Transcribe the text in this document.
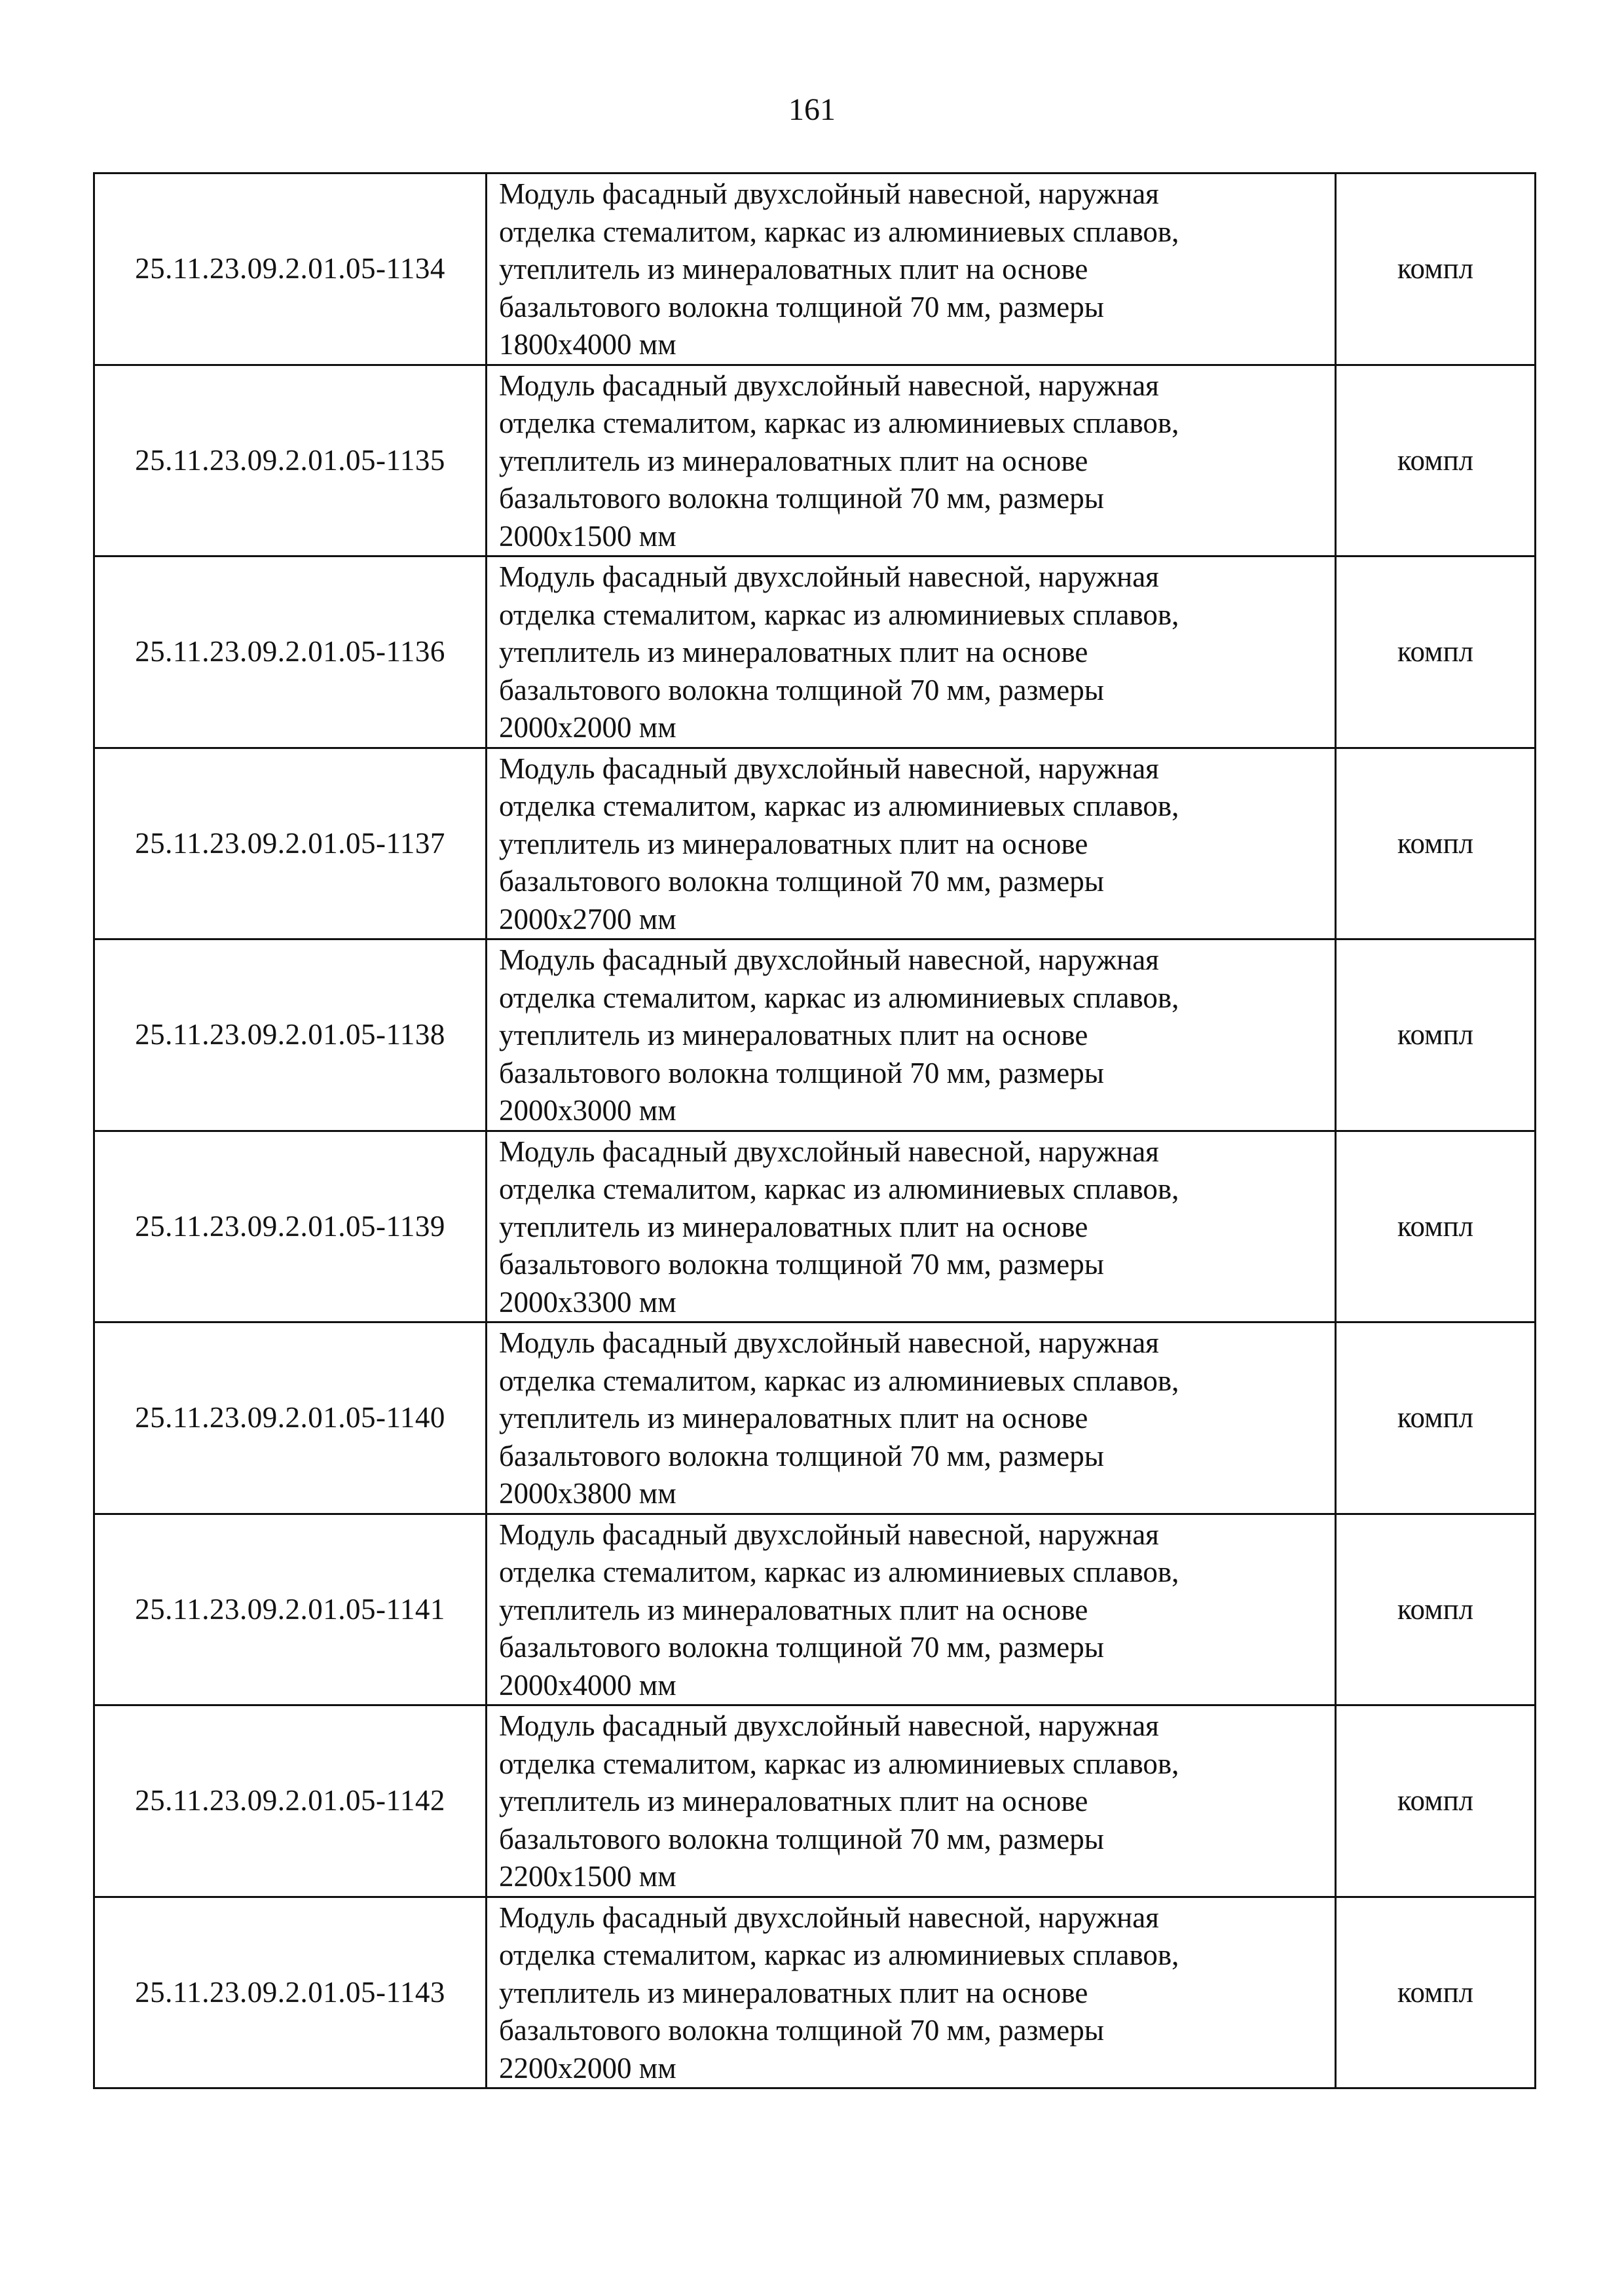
161
25.11.23.09.2.01.05-1134	Модуль фасадный двухслойный навесной, наружная
отделка стемалитом, каркас из алюминиевых сплавов,
утеплитель из минераловатных плит на основе
базальтового волокна толщиной 70 мм, размеры
1800х4000 мм	компл
25.11.23.09.2.01.05-1135	Модуль фасадный двухслойный навесной, наружная
отделка стемалитом, каркас из алюминиевых сплавов,
утеплитель из минераловатных плит на основе
базальтового волокна толщиной 70 мм, размеры
2000х1500 мм	компл
25.11.23.09.2.01.05-1136	Модуль фасадный двухслойный навесной, наружная
отделка стемалитом, каркас из алюминиевых сплавов,
утеплитель из минераловатных плит на основе
базальтового волокна толщиной 70 мм, размеры
2000х2000 мм	компл
25.11.23.09.2.01.05-1137	Модуль фасадный двухслойный навесной, наружная
отделка стемалитом, каркас из алюминиевых сплавов,
утеплитель из минераловатных плит на основе
базальтового волокна толщиной 70 мм, размеры
2000х2700 мм	компл
25.11.23.09.2.01.05-1138	Модуль фасадный двухслойный навесной, наружная
отделка стемалитом, каркас из алюминиевых сплавов,
утеплитель из минераловатных плит на основе
базальтового волокна толщиной 70 мм, размеры
2000х3000 мм	компл
25.11.23.09.2.01.05-1139	Модуль фасадный двухслойный навесной, наружная
отделка стемалитом, каркас из алюминиевых сплавов,
утеплитель из минераловатных плит на основе
базальтового волокна толщиной 70 мм, размеры
2000х3300 мм	компл
25.11.23.09.2.01.05-1140	Модуль фасадный двухслойный навесной, наружная
отделка стемалитом, каркас из алюминиевых сплавов,
утеплитель из минераловатных плит на основе
базальтового волокна толщиной 70 мм, размеры
2000х3800 мм	компл
25.11.23.09.2.01.05-1141	Модуль фасадный двухслойный навесной, наружная
отделка стемалитом, каркас из алюминиевых сплавов,
утеплитель из минераловатных плит на основе
базальтового волокна толщиной 70 мм, размеры
2000х4000 мм	компл
25.11.23.09.2.01.05-1142	Модуль фасадный двухслойный навесной, наружная
отделка стемалитом, каркас из алюминиевых сплавов,
утеплитель из минераловатных плит на основе
базальтового волокна толщиной 70 мм, размеры
2200х1500 мм	компл
25.11.23.09.2.01.05-1143	Модуль фасадный двухслойный навесной, наружная
отделка стемалитом, каркас из алюминиевых сплавов,
утеплитель из минераловатных плит на основе
базальтового волокна толщиной 70 мм, размеры
2200х2000 мм	компл
